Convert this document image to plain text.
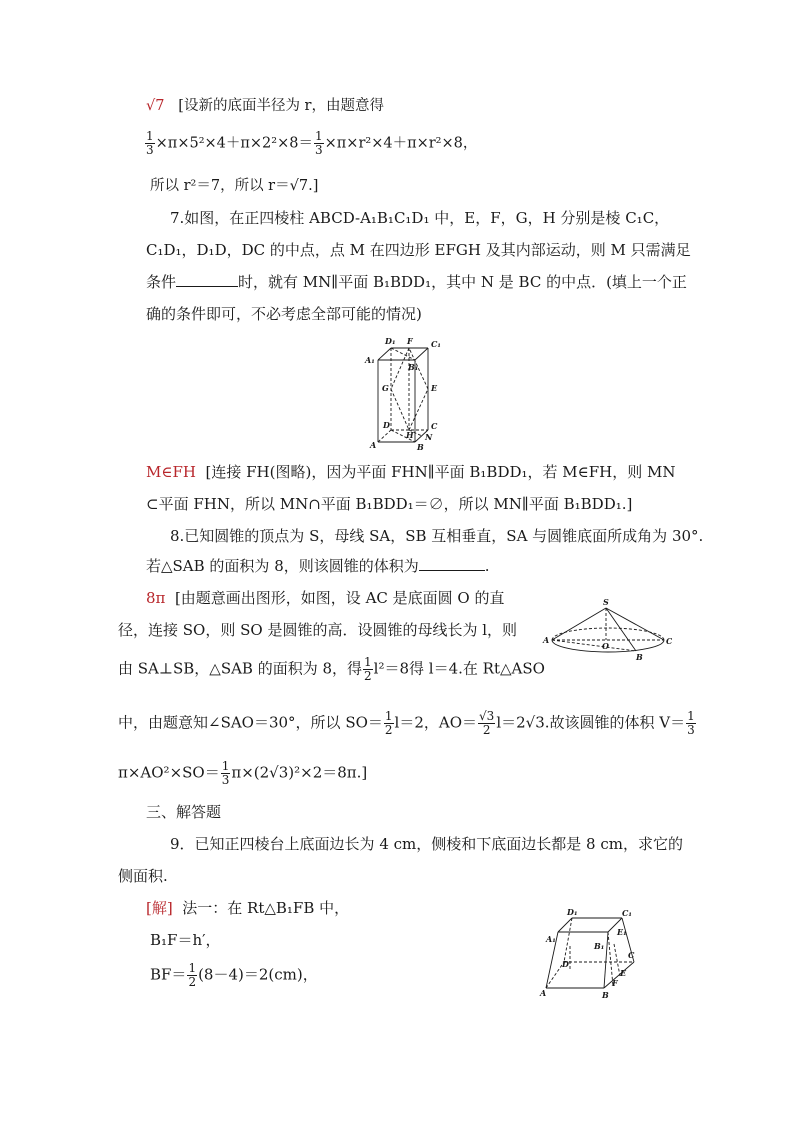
√7 [设新的底面半径为 r，由题意得
$\frac{1}{3} \times\pi\times 5^2\times 4+\pi\times 2^2\times 8= \frac{1}{3} \times\pi\times r^2\times 4+\pi\times r^2\times 8$，
所以 r²＝7，所以 r＝√7.]
7.如图，在正四棱柱 ABCD-A₁B₁C₁D₁ 中，E，F，G，H 分别是棱 C₁C，
C₁D₁，D₁D，DC 的中点，点 M 在四边形 EFGH 及其内部运动，则 M 只需满足
条件	时，就有 MN∥平面 B₁BDD₁，其中 N 是 BC 的中点．(填上一个正
确的条件即可，不必考虑全部可能的情况)
D₁ F C₁
A₁
B₁
G	E
D	C
H
A	B
N
M∈FH [连接 FH(图略)，因为平面 FHN∥平面 B₁BDD₁，若 M∈FH，则 MN
⊂平面 FHN，所以 MN∩平面 B₁BDD₁＝∅，所以 MN∥平面 B₁BDD₁.]
8.已知圆锥的顶点为 S，母线 SA，SB 互相垂直，SA 与圆锥底面所成角为 30°.
若△SAB 的面积为 8，则该圆锥的体积为	.
8π [由题意画出图形，如图，设 AC 是底面圆 O 的直
径，连接 SO，则 SO 是圆锥的高．设圆锥的母线长为 l，则
由 SA⊥SB，△SAB 的面积为 8，得 $\frac{1}{2} l^2=8$得 l＝4.在 Rt△ASO
S
A
O	C
B
中，由题意知∠SAO＝30°，所以 $SO= \frac{1}{2} l=2$，$AO= \frac{√3}{2} l=2√3$.故该圆锥的体积 $V= \frac{1}{3}$
$\pi\times AO^2\times SO= \frac{1}{3} \pi\times(2√3)^2\times 2=8\pi$.]
三、解答题
9．已知正四棱台上底面边长为 4 cm，侧棱和下底面边长都是 8 cm，求它的
侧面积.
[解] 法一：在 Rt△B₁FB 中，
B₁F＝h′，
$BF= \frac{1}{2} (8-4)=2(cm)$，
D₁	C₁
A₁
E₁
B₁
D
C
E
F
A	B
